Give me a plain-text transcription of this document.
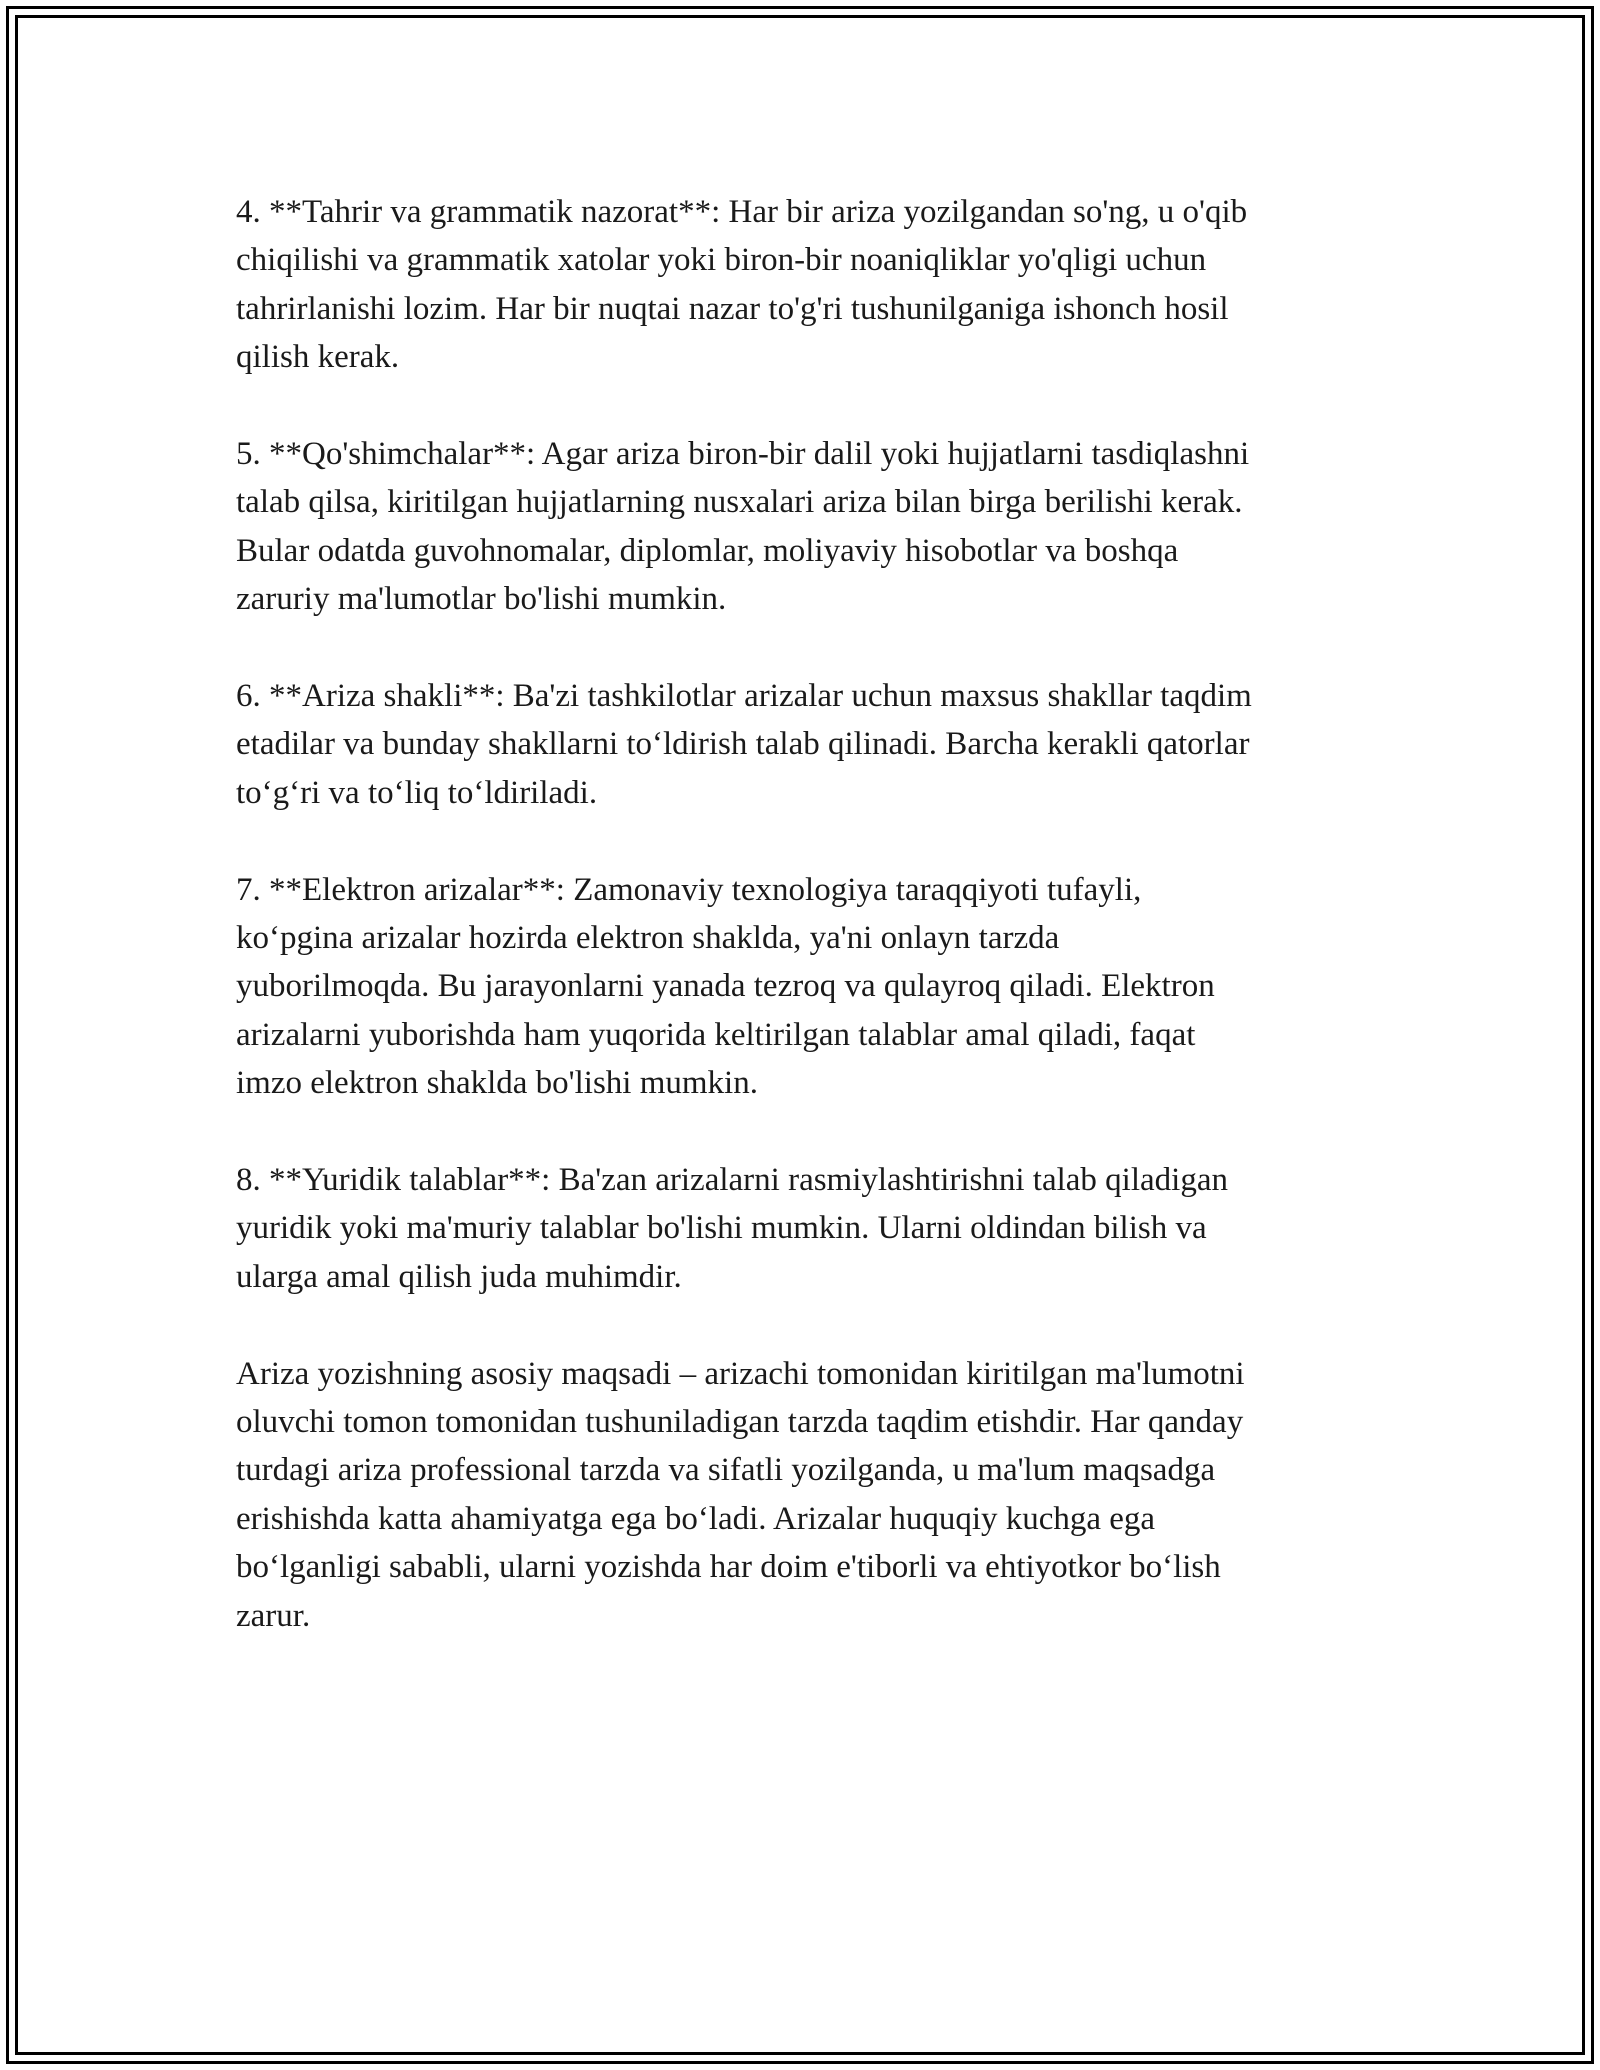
4. **Tahrir va grammatik nazorat**: Har bir ariza yozilgandan so'ng, u o'qib
chiqilishi va grammatik xatolar yoki biron-bir noaniqliklar yo'qligi uchun
tahrirlanishi lozim. Har bir nuqtai nazar to'g'ri tushunilganiga ishonch hosil
qilish kerak.

5. **Qo'shimchalar**: Agar ariza biron-bir dalil yoki hujjatlarni tasdiqlashni
talab qilsa, kiritilgan hujjatlarning nusxalari ariza bilan birga berilishi kerak.
Bular odatda guvohnomalar, diplomlar, moliyaviy hisobotlar va boshqa
zaruriy ma'lumotlar bo'lishi mumkin.

6. **Ariza shakli**: Ba'zi tashkilotlar arizalar uchun maxsus shakllar taqdim
etadilar va bunday shakllarni to‘ldirish talab qilinadi. Barcha kerakli qatorlar
to‘g‘ri va to‘liq to‘ldiriladi.

7. **Elektron arizalar**: Zamonaviy texnologiya taraqqiyoti tufayli,
ko‘pgina arizalar hozirda elektron shaklda, ya'ni onlayn tarzda
yuborilmoqda. Bu jarayonlarni yanada tezroq va qulayroq qiladi. Elektron
arizalarni yuborishda ham yuqorida keltirilgan talablar amal qiladi, faqat
imzo elektron shaklda bo'lishi mumkin.

8. **Yuridik talablar**: Ba'zan arizalarni rasmiylashtirishni talab qiladigan
yuridik yoki ma'muriy talablar bo'lishi mumkin. Ularni oldindan bilish va
ularga amal qilish juda muhimdir.

Ariza yozishning asosiy maqsadi – arizachi tomonidan kiritilgan ma'lumotni
oluvchi tomon tomonidan tushuniladigan tarzda taqdim etishdir. Har qanday
turdagi ariza professional tarzda va sifatli yozilganda, u ma'lum maqsadga
erishishda katta ahamiyatga ega bo‘ladi. Arizalar huquqiy kuchga ega
bo‘lganligi sababli, ularni yozishda har doim e'tiborli va ehtiyotkor bo‘lish
zarur.
